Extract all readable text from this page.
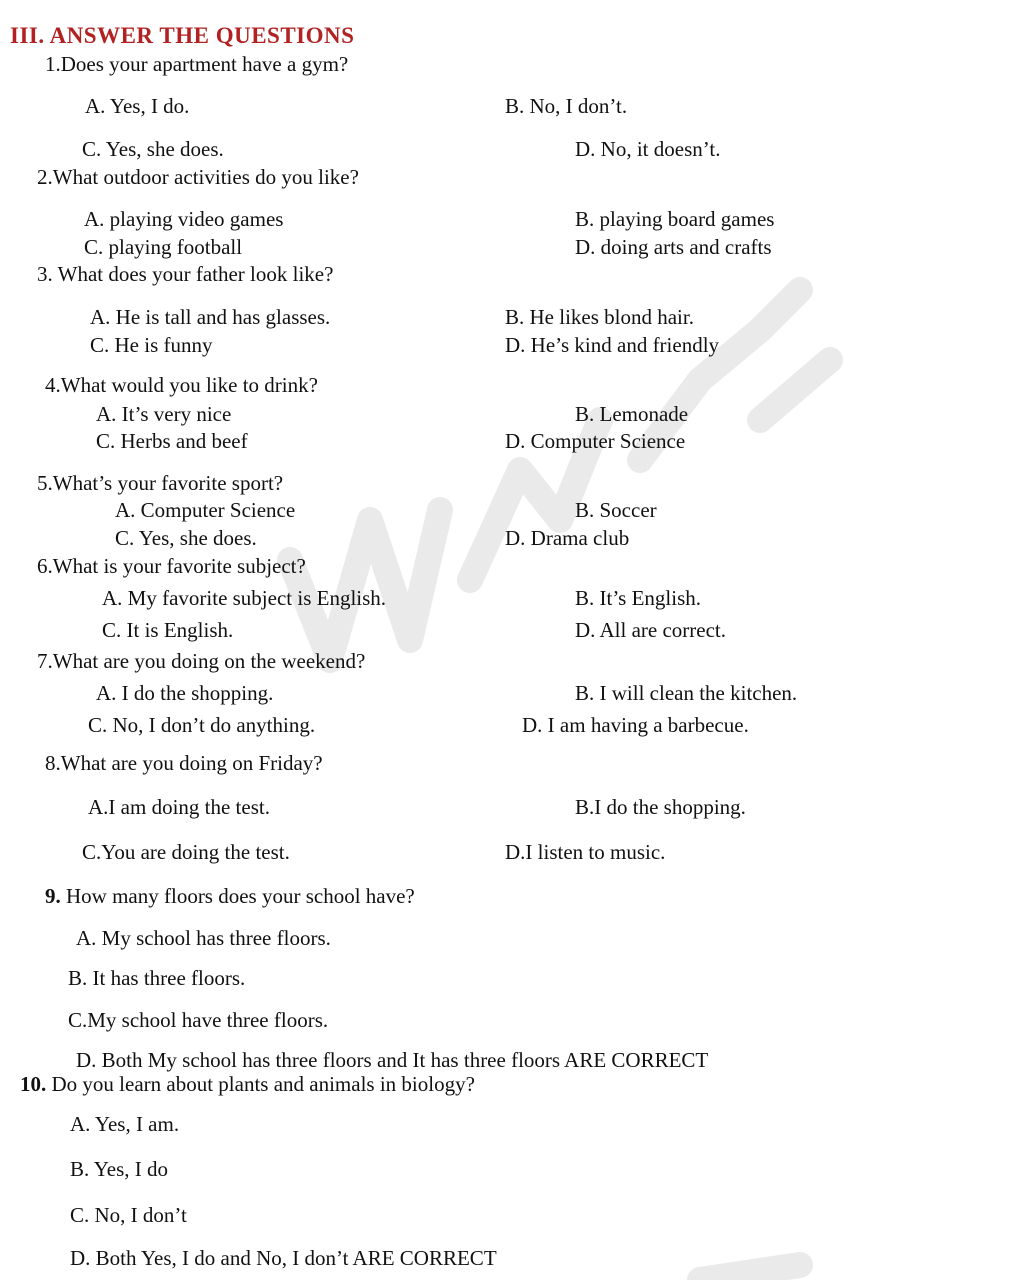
III. ANSWER THE QUESTIONS
1.Does your apartment have a gym?
A. Yes, I do.	B. No, I don’t.
C. Yes, she does.	D. No, it doesn’t.
2.What outdoor activities do you like?
A. playing video games	B. playing board games
C. playing football	D. doing arts and crafts
3. What does your father look like?
A. He is tall and has glasses.	B. He likes blond hair.
C. He is funny	D. He’s kind and friendly
4.What would you like to drink?
A. It’s very nice	B. Lemonade
C. Herbs and beef	D. Computer Science
5.What’s your favorite sport?
A. Computer Science	B. Soccer
C. Yes, she does.	D. Drama club
6.What is your favorite subject?
A. My favorite subject is English.	B. It’s English.
C. It is English.	D. All are correct.
7.What are you doing on the weekend?
A. I do the shopping.	B. I will clean the kitchen.
C. No, I don’t do anything.	D. I am having a barbecue.
8.What are you doing on Friday?
A.I am doing the test.	B.I do the shopping.
C.You are doing the test.	D.I listen to music.
9. How many floors does your school have?
A. My school has three floors.
B. It has three floors.
C.My school have three floors.
D. Both My school has three floors and It has three floors ARE CORRECT
10. Do you learn about plants and animals in biology?
A. Yes, I am.
B. Yes, I do
C. No, I don’t
D. Both Yes, I do and No, I don’t ARE CORRECT
